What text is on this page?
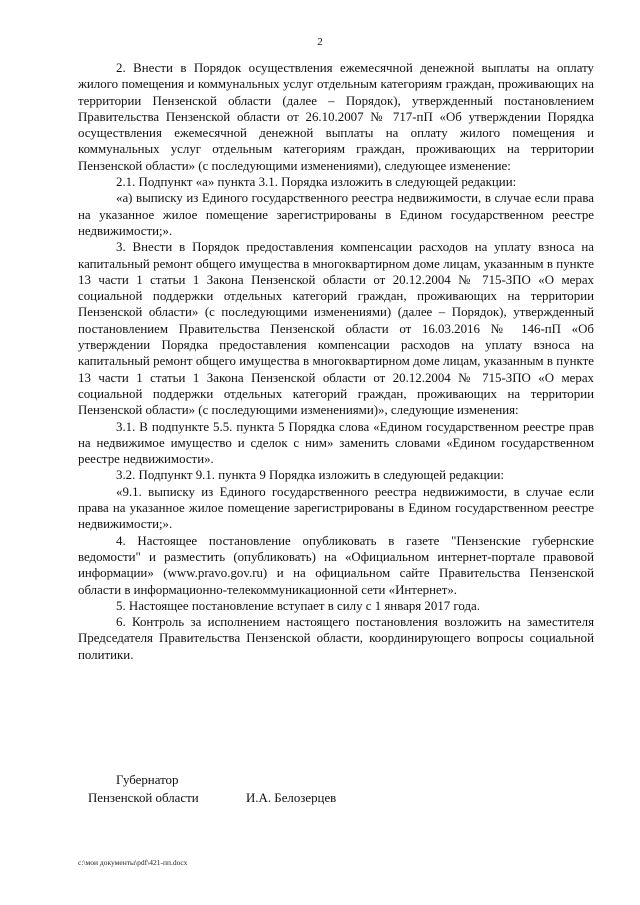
2

2. Внести в Порядок осуществления ежемесячной денежной выплаты на оплату жилого помещения и коммунальных услуг отдельным категориям граждан, проживающих на территории Пензенской области (далее – Порядок), утвержденный постановлением Правительства Пензенской области от 26.10.2007 № 717-пП «Об утверждении Порядка осуществления ежемесячной денежной выплаты на оплату жилого помещения и коммунальных услуг отдельным категориям граждан, проживающих на территории Пензенской области» (с последующими изменениями), следующее изменение:

2.1. Подпункт «а» пункта 3.1. Порядка изложить в следующей редакции:

«а) выписку из Единого государственного реестра недвижимости, в случае если права на указанное жилое помещение зарегистрированы в Едином государственном реестре недвижимости;».

3. Внести в Порядок предоставления компенсации расходов на уплату взноса на капитальный ремонт общего имущества в многоквартирном доме лицам, указанным в пункте 13 части 1 статьи 1 Закона Пензенской области от 20.12.2004 № 715-ЗПО «О мерах социальной поддержки отдельных категорий граждан, проживающих на территории Пензенской области» (с последующими изменениями) (далее – Порядок), утвержденный постановлением Правительства Пензенской области от 16.03.2016 № 146-пП «Об утверждении Порядка предоставления компенсации расходов на уплату взноса на капитальный ремонт общего имущества в многоквартирном доме лицам, указанным в пункте 13 части 1 статьи 1 Закона Пензенской области от 20.12.2004 № 715-ЗПО «О мерах социальной поддержки отдельных категорий граждан, проживающих на территории Пензенской области» (с последующими изменениями)», следующие изменения:

3.1. В подпункте 5.5. пункта 5 Порядка слова «Едином государственном реестре прав на недвижимое имущество и сделок с ним» заменить словами «Едином государственном реестре недвижимости».

3.2. Подпункт 9.1. пункта 9 Порядка изложить в следующей редакции:

«9.1. выписку из Единого государственного реестра недвижимости, в случае если права на указанное жилое помещение зарегистрированы в Едином государственном реестре недвижимости;».

4. Настоящее постановление опубликовать в газете "Пензенские губернские ведомости" и разместить (опубликовать) на «Официальном интернет-портале правовой информации» (www.pravo.gov.ru) и на официальном сайте Правительства Пензенской области в информационно-телекоммуникационной сети «Интернет».

5. Настоящее постановление вступает в силу с 1 января 2017 года.

6. Контроль за исполнением настоящего постановления возложить на заместителя Председателя Правительства Пензенской области, координирующего вопросы социальной политики.

Губернатор
Пензенской области	И.А. Белозерцев
c:\мои документы\pdf\421-пп.docx
